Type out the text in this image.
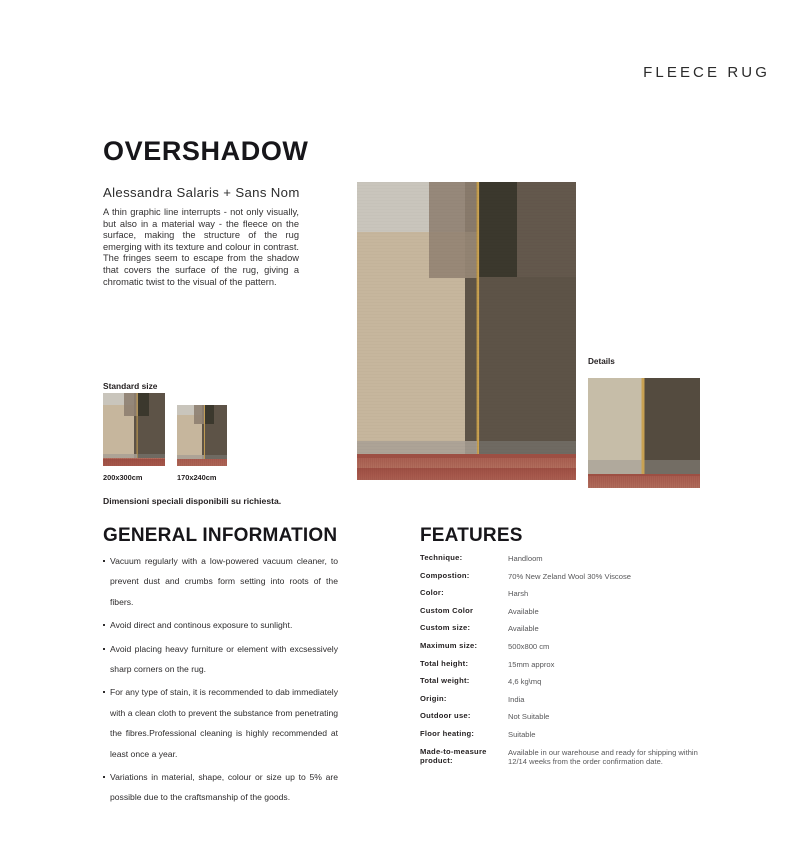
FLEECE RUG
OVERSHADOW
Alessandra Salaris + Sans Nom
A thin graphic line interrupts - not only visually, but also in a material way - the fleece on the surface, making the structure of the rug emerging with its texture and colour in contrast. The fringes seem to escape from the shadow that covers the surface of the rug, giving a chromatic twist to the visual of the pattern.
Details
Standard size
200x300cm	170x240cm
Dimensioni speciali disponibili su richiesta.
GENERAL INFORMATION
Vacuum regularly with a low-powered vacuum cleaner, to prevent dust and crumbs form setting into roots of the fibers.
Avoid direct and continous exposure to sunlight.
Avoid placing heavy furniture or element with excsessively sharp corners on the rug.
For any type of stain, it is recommended to dab immediately with a clean cloth to prevent the substance from penetrating the fibres.Professional cleaning is highly recommended at least once a year.
Variations in material, shape, colour or size up to 5% are possible due to the craftsmanship of the goods.
FEATURES
Technique:	Handloom
Compostion:	70% New Zeland Wool 30% Viscose
Color:	Harsh
Custom Color	Available
Custom size:	Available
Maximum size:	500x800 cm
Total height:	15mm approx
Total weight:	4,6 kg\mq
Origin:	India
Outdoor use:	Not Suitable
Floor heating:	Suitable
Made-to-measure product:
Available in our warehouse and ready for shipping within 12/14 weeks from the order confirmation date.
